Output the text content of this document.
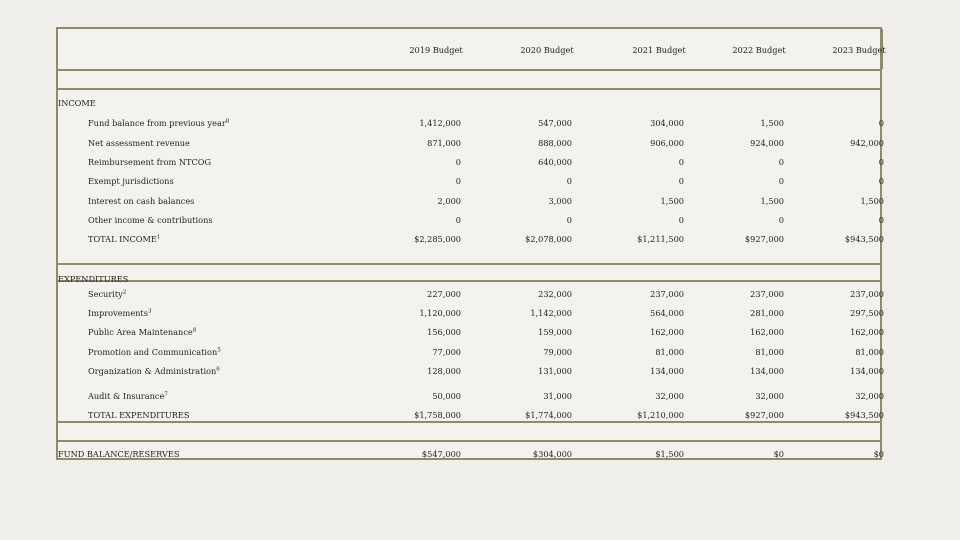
2019 Budget	2020 Budget	2021 Budget	2022 Budget	2023 Budget
INCOME
EXPENDITURES
Fund balance from previous year$^8$	1,412,000	547,000	304,000	1,500	0
Net assessment revenue	871,000	888,000	906,000	924,000	942,000
Reimbursement from NTCOG	0	640,000	0	0	0
Exempt jurisdictions	0	0	0	0	0
Interest on cash balances	2,000	3,000	1,500	1,500	1,500
Other income & contributions	0	0	0	0	0
TOTAL INCOME$^1$	$2,285,000	$2,078,000	$1,211,500	$927,000	$943,500
Security$^2$	227,000	232,000	237,000	237,000	237,000
Improvements$^3$	1,120,000	1,142,000	564,000	281,000	297,500
Public Area Maintenance$^8$	156,000	159,000	162,000	162,000	162,000
Promotion and Communication$^5$	77,000	79,000	81,000	81,000	81,000
Organization & Administration$^6$	128,000	131,000	134,000	134,000	134,000
Audit & Insurance$^7$	50,000	31,000	32,000	32,000	32,000
TOTAL EXPENDITURES	$1,758,000	$1,774,000	$1,210,000	$927,000	$943,500
FUND BALANCE/RESERVES	$547,000	$304,000	$1,500	$0	$0
